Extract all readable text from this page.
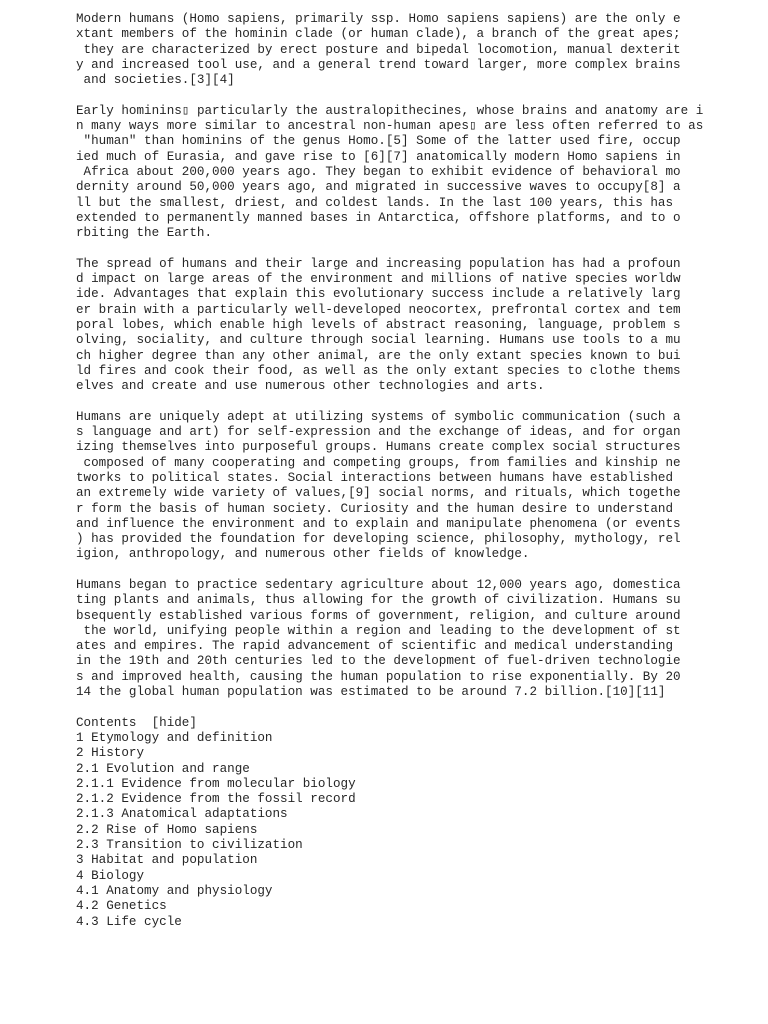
Modern humans (Homo sapiens, primarily ssp. Homo sapiens sapiens) are the only e
xtant members of the hominin clade (or human clade), a branch of the great apes;
they are characterized by erect posture and bipedal locomotion, manual dexterit
y and increased tool use, and a general trend toward larger, more complex brains
and societies.[3][4]
Early hominins▯ particularly the australopithecines, whose brains and anatomy are i
n many ways more similar to ancestral non-human apes▯ are less often referred to as
"human" than hominins of the genus Homo.[5] Some of the latter used fire, occup
ied much of Eurasia, and gave rise to [6][7] anatomically modern Homo sapiens in
Africa about 200,000 years ago. They began to exhibit evidence of behavioral mo
dernity around 50,000 years ago, and migrated in successive waves to occupy[8] a
ll but the smallest, driest, and coldest lands. In the last 100 years, this has
extended to permanently manned bases in Antarctica, offshore platforms, and to o
rbiting the Earth.
The spread of humans and their large and increasing population has had a profoun
d impact on large areas of the environment and millions of native species worldw
ide. Advantages that explain this evolutionary success include a relatively larg
er brain with a particularly well-developed neocortex, prefrontal cortex and tem
poral lobes, which enable high levels of abstract reasoning, language, problem s
olving, sociality, and culture through social learning. Humans use tools to a mu
ch higher degree than any other animal, are the only extant species known to bui
ld fires and cook their food, as well as the only extant species to clothe thems
elves and create and use numerous other technologies and arts.
Humans are uniquely adept at utilizing systems of symbolic communication (such a
s language and art) for self-expression and the exchange of ideas, and for organ
izing themselves into purposeful groups. Humans create complex social structures
composed of many cooperating and competing groups, from families and kinship ne
tworks to political states. Social interactions between humans have established
an extremely wide variety of values,[9] social norms, and rituals, which togethe
r form the basis of human society. Curiosity and the human desire to understand
and influence the environment and to explain and manipulate phenomena (or events
) has provided the foundation for developing science, philosophy, mythology, rel
igion, anthropology, and numerous other fields of knowledge.
Humans began to practice sedentary agriculture about 12,000 years ago, domestica
ting plants and animals, thus allowing for the growth of civilization. Humans su
bsequently established various forms of government, religion, and culture around
the world, unifying people within a region and leading to the development of st
ates and empires. The rapid advancement of scientific and medical understanding
in the 19th and 20th centuries led to the development of fuel-driven technologie
s and improved health, causing the human population to rise exponentially. By 20
14 the global human population was estimated to be around 7.2 billion.[10][11]
Contents  [hide]
1 Etymology and definition
2 History
2.1 Evolution and range
2.1.1 Evidence from molecular biology
2.1.2 Evidence from the fossil record
2.1.3 Anatomical adaptations
2.2 Rise of Homo sapiens
2.3 Transition to civilization
3 Habitat and population
4 Biology
4.1 Anatomy and physiology
4.2 Genetics
4.3 Life cycle
